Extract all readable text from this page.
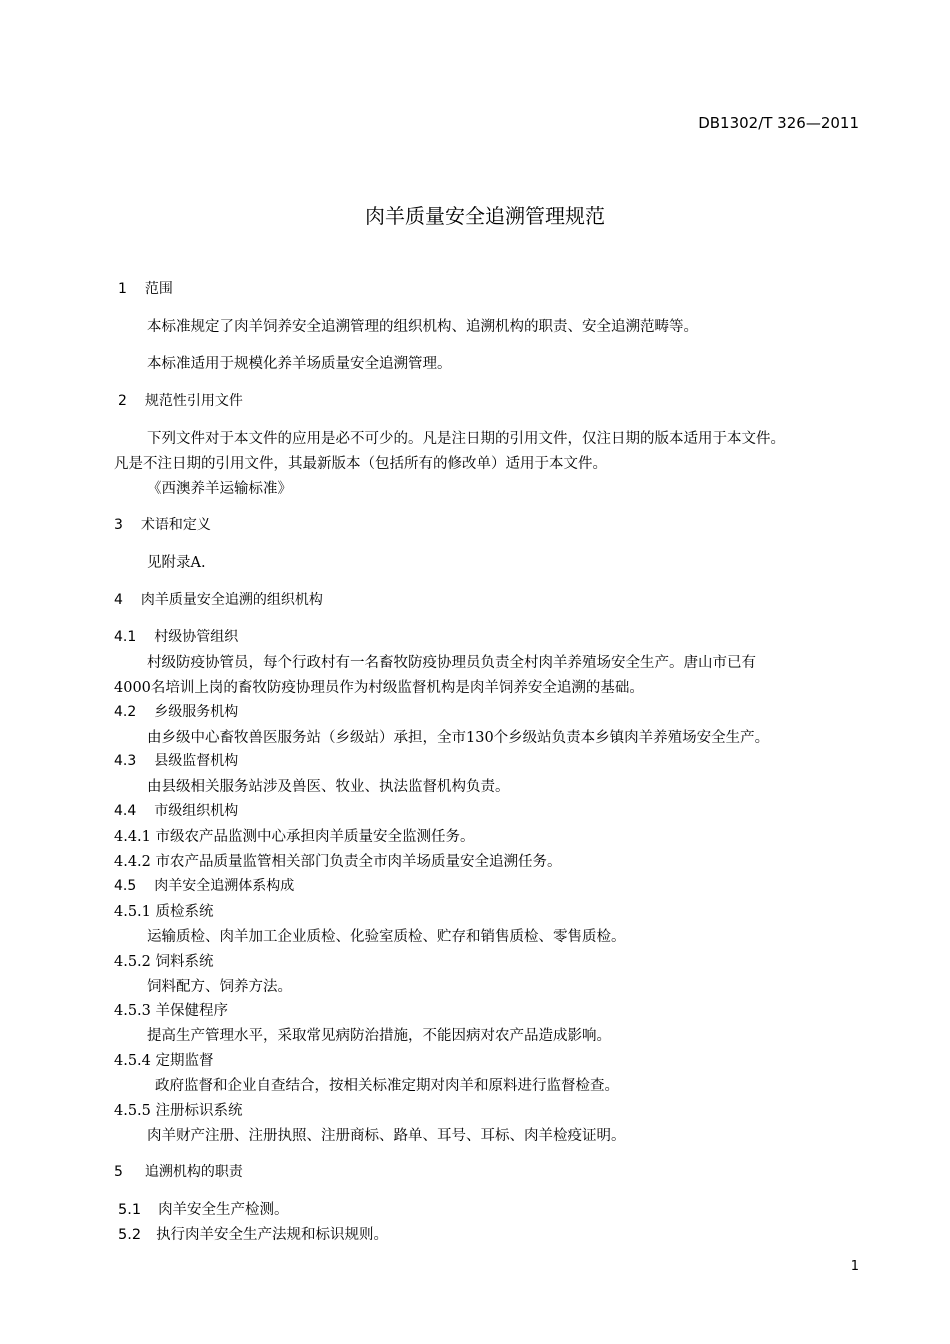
DB1302/T 326—2011
肉羊质量安全追溯管理规范
1 范围
本标准规定了肉羊饲养安全追溯管理的组织机构、追溯机构的职责、安全追溯范畴等。
本标准适用于规模化养羊场质量安全追溯管理。
2 规范性引用文件
下列文件对于本文件的应用是必不可少的。凡是注日期的引用文件，仅注日期的版本适用于本文件。
凡是不注日期的引用文件，其最新版本（包括所有的修改单）适用于本文件。
《西澳养羊运输标准》
3 术语和定义
见附录A.
4 肉羊质量安全追溯的组织机构
4.1 村级协管组织
村级防疫协管员，每个行政村有一名畜牧防疫协理员负责全村肉羊养殖场安全生产。唐山市已有
4000名培训上岗的畜牧防疫协理员作为村级监督机构是肉羊饲养安全追溯的基础。
4.2 乡级服务机构
由乡级中心畜牧兽医服务站（乡级站）承担，全市130个乡级站负责本乡镇肉羊养殖场安全生产。
4.3 县级监督机构
由县级相关服务站涉及兽医、牧业、执法监督机构负责。
4.4 市级组织机构
4.4.1 市级农产品监测中心承担肉羊质量安全监测任务。
4.4.2 市农产品质量监管相关部门负责全市肉羊场质量安全追溯任务。
4.5 肉羊安全追溯体系构成
4.5.1 质检系统
运输质检、肉羊加工企业质检、化验室质检、贮存和销售质检、零售质检。
4.5.2 饲料系统
饲料配方、饲养方法。
4.5.3 羊保健程序
提高生产管理水平，采取常见病防治措施，不能因病对农产品造成影响。
4.5.4 定期监督
政府监督和企业自查结合，按相关标准定期对肉羊和原料进行监督检查。
4.5.5 注册标识系统
肉羊财产注册、注册执照、注册商标、路单、耳号、耳标、肉羊检疫证明。
5 追溯机构的职责
5.1 肉羊安全生产检测。
5.2 执行肉羊安全生产法规和标识规则。
1
